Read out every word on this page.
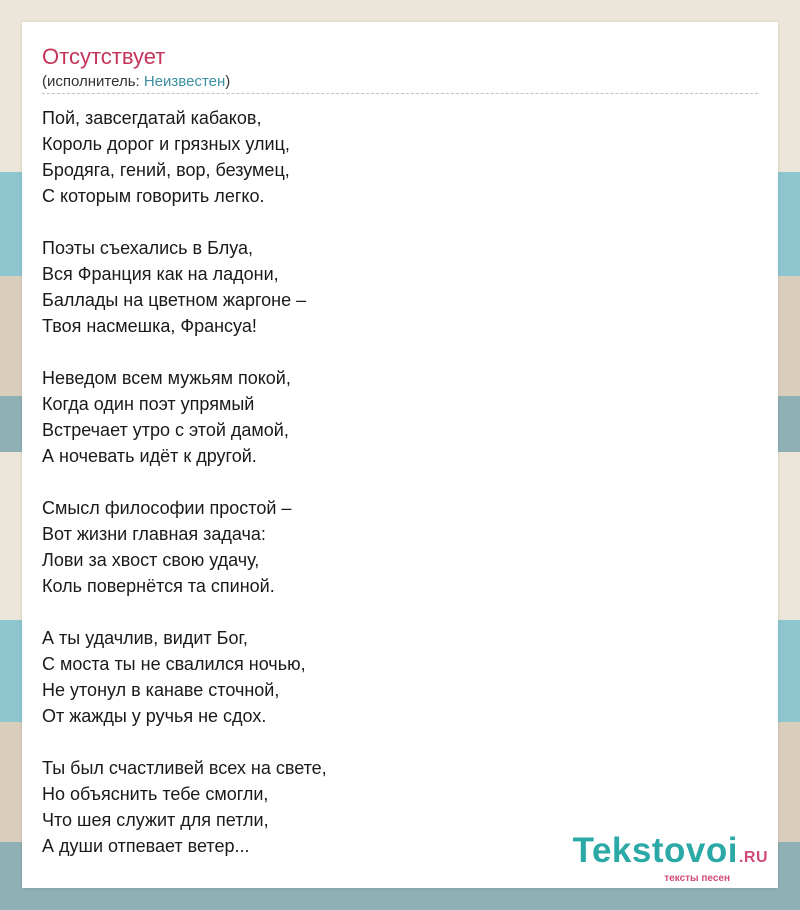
Отсутствует
(исполнитель: Неизвестен)
Пой, завсегдатай кабаков,
Король дорог и грязных улиц,
Бродяга, гений, вор, безумец,
С которым говорить легко.
Поэты съехались в Блуа,
Вся Франция как на ладони,
Баллады на цветном жаргоне –
Твоя насмешка, Франсуа!
Неведом всем мужьям покой,
Когда один поэт упрямый
Встречает утро с этой дамой,
А ночевать идёт к другой.
Смысл философии простой –
Вот жизни главная задача:
Лови за хвост свою удачу,
Коль повернётся та спиной.
А ты удачлив, видит Бог,
С моста ты не свалился ночью,
Не утонул в канаве сточной,
От жажды у ручья не сдох.
Ты был счастливей всех на свете,
Но объяснить тебе смогли,
Что шея служит для петли,
А души отпевает ветер...	Tekstovoi.RU
тексты песен
